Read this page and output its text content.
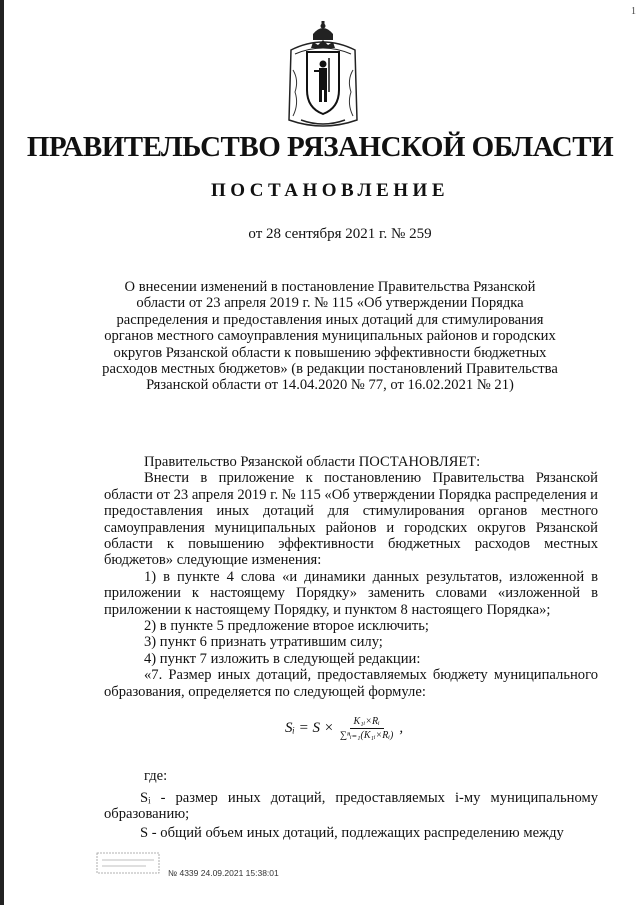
1
ПРАВИТЕЛЬСТВО РЯЗАНСКОЙ ОБЛАСТИ
ПОСТАНОВЛЕНИЕ
от 28 сентября 2021 г. № 259
О внесении изменений в постановление Правительства Рязанской области от 23 апреля 2019 г. № 115 «Об утверждении Порядка распределения и предоставления иных дотаций для стимулирования органов местного самоуправления муниципальных районов и городских округов Рязанской области к повышению эффективности бюджетных расходов местных бюджетов» (в редакции постановлений Правительства Рязанской области от 14.04.2020 № 77, от 16.02.2021 № 21)

Правительство Рязанской области ПОСТАНОВЛЯЕТ:

Внести в приложение к постановлению Правительства Рязанской области от 23 апреля 2019 г. № 115 «Об утверждении Порядка распределения и предоставления иных дотаций для стимулирования органов местного самоуправления муниципальных районов и городских округов Рязанской области к повышению эффективности бюджетных расходов местных бюджетов» следующие изменения:

1) в пункте 4 слова «и динамики данных результатов, изложенной в приложении к настоящему Порядку» заменить словами «изложенной в приложении к настоящему Порядку, и пунктом 8 настоящего Порядка»;

2) в пункте 5 предложение второе исключить;

3) пункт 6 признать утратившим силу;

4) пункт 7 изложить в следующей редакции:

«7. Размер иных дотаций, предоставляемых бюджету муниципального образования, определяется по следующей формуле:

Sᵢ = $S \times \frac{\text{K₁ᵢ×Rᵢ}}{\text{∑ⁿᵢ₌₁(K₁ᵢ×Rᵢ)}}$ ,
где:

Sᵢ - размер иных дотаций, предоставляемых i-му муниципальному образованию;

S - общий объем иных дотаций, подлежащих распределению между

№ 4339 24.09.2021 15:38:01
